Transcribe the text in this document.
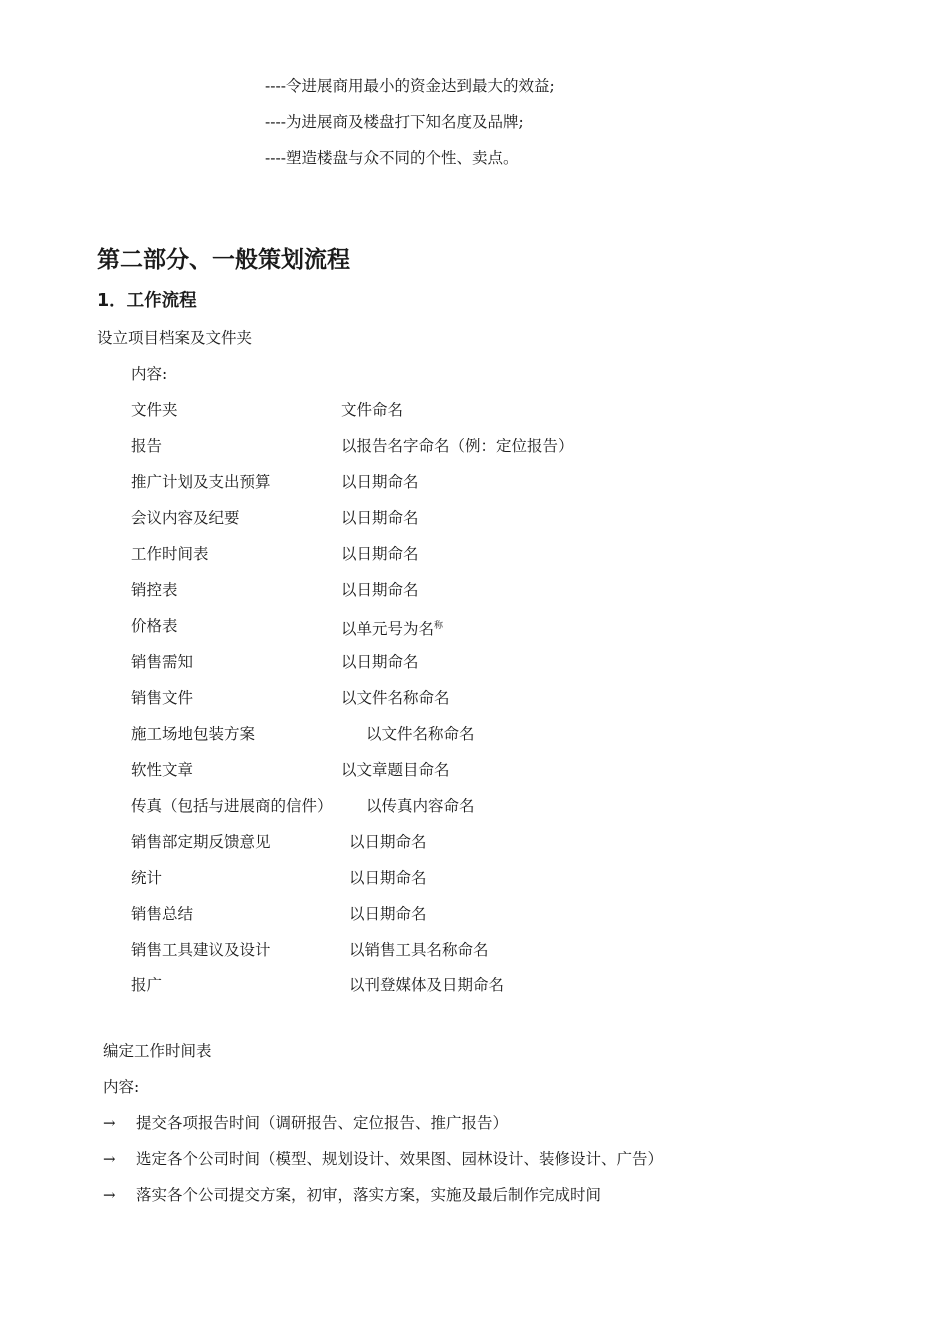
----令进展商用最小的资金达到最大的效益;
----为进展商及楼盘打下知名度及品牌;
----塑造楼盘与众不同的个性、卖点。
第二部分、一般策划流程
1．工作流程
设立项目档案及文件夹
内容:
文件夹	文件命名
报告	以报告名字命名（例：定位报告）
推广计划及支出预算	以日期命名
会议内容及纪要	以日期命名
工作时间表	以日期命名
销控表	以日期命名
价格表	以单元号为名$^称$
销售需知	以日期命名
销售文件	以文件名称命名
施工场地包装方案	以文件名称命名
软性文章	以文章题目命名
传真（包括与进展商的信件） 以传真内容命名
销售部定期反馈意见	以日期命名
统计	以日期命名
销售总结	以日期命名
销售工具建议及设计	以销售工具名称命名
报广	以刊登媒体及日期命名
编定工作时间表
内容:
→ 提交各项报告时间（调研报告、定位报告、推广报告）
→ 选定各个公司时间（模型、规划设计、效果图、园林设计、装修设计、广告）
→ 落实各个公司提交方案，初审，落实方案，实施及最后制作完成时间
